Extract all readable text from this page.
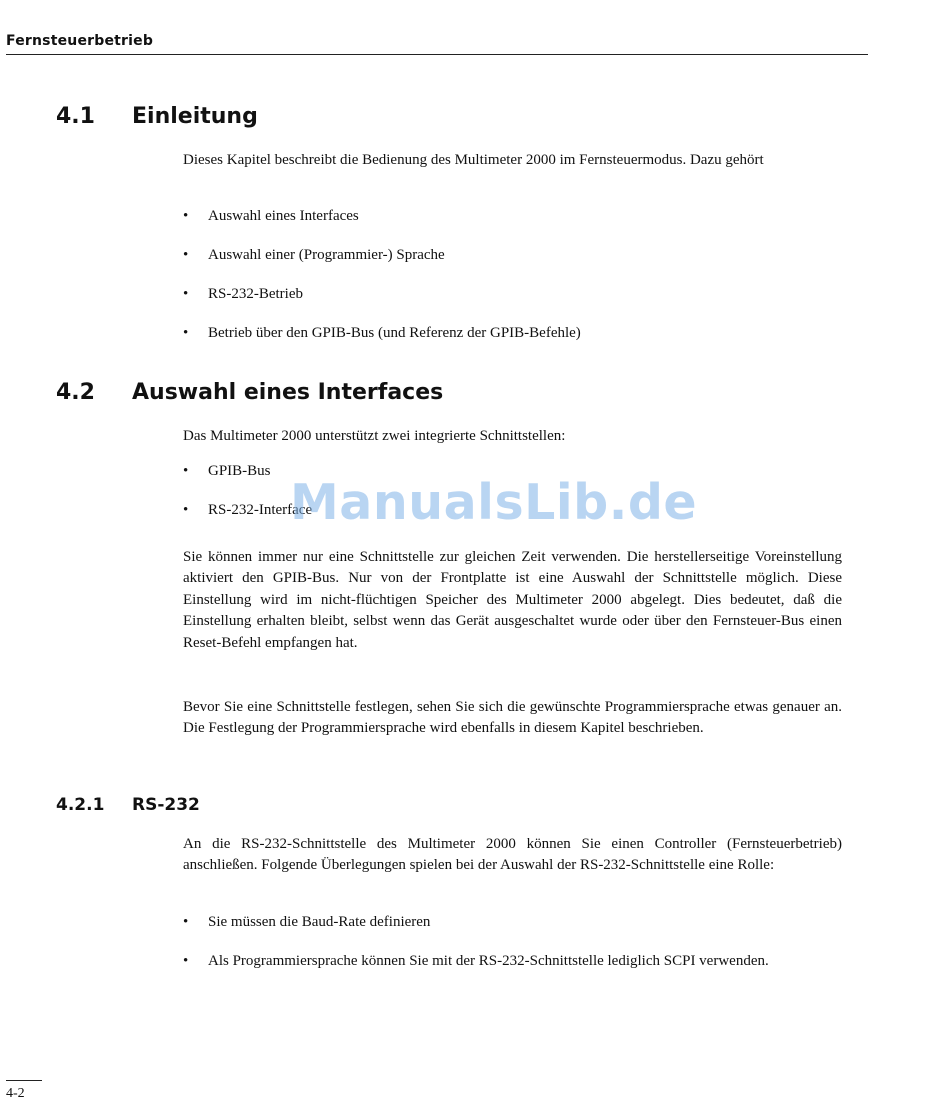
Fernsteuerbetrieb
4.1 Einleitung

Dieses Kapitel beschreibt die Bedienung des Multimeter 2000 im Fernsteuermodus. Dazu gehört

• Auswahl eines Interfaces
• Auswahl einer (Programmier-) Sprache
• RS-232-Betrieb
• Betrieb über den GPIB-Bus (und Referenz der GPIB-Befehle)
4.2 Auswahl eines Interfaces

Das Multimeter 2000 unterstützt zwei integrierte Schnittstellen:

• GPIB-Bus
• RS-232-Interface

Sie können immer nur eine Schnittstelle zur gleichen Zeit verwenden. Die herstellerseitige Voreinstellung aktiviert den GPIB-Bus. Nur von der Frontplatte ist eine Auswahl der Schnittstelle möglich. Diese Einstellung wird im nicht-flüchtigen Speicher des Multimeter 2000 abgelegt. Dies bedeutet, daß die Einstellung erhalten bleibt, selbst wenn das Gerät ausgeschaltet wurde oder über den Fernsteuer-Bus einen Reset-Befehl empfangen hat.

Bevor Sie eine Schnittstelle festlegen, sehen Sie sich die gewünschte Programmiersprache etwas genauer an. Die Festlegung der Programmiersprache wird ebenfalls in diesem Kapitel beschrieben.

4.2.1 RS-232

An die RS-232-Schnittstelle des Multimeter 2000 können Sie einen Controller (Fernsteuerbetrieb) anschließen. Folgende Überlegungen spielen bei der Auswahl der RS-232-Schnittstelle eine Rolle:

• Sie müssen die Baud-Rate definieren
• Als Programmiersprache können Sie mit der RS-232-Schnittstelle lediglich SCPI verwenden.
ManualsLib.de
4-2
